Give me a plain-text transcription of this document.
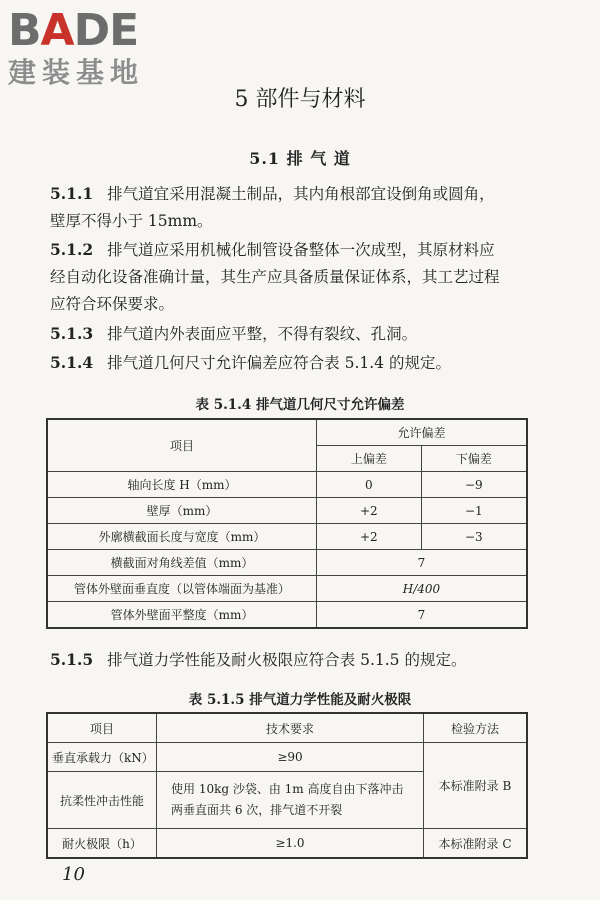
BADE
建装基地
5 部件与材料
5.1 排 气 道
5.1.1 排气道宜采用混凝土制品，其内角根部宜设倒角或圆角，壁厚不得小于 15mm。
5.1.2 排气道应采用机械化制管设备整体一次成型，其原材料应经自动化设备准确计量，其生产应具备质量保证体系，其工艺过程应符合环保要求。
5.1.3 排气道内外表面应平整，不得有裂纹、孔洞。
5.1.4 排气道几何尺寸允许偏差应符合表 5.1.4 的规定。
表 5.1.4 排气道几何尺寸允许偏差
项目	允许偏差	
	上偏差	下偏差
轴向长度 H（mm）	0	−9
壁厚（mm）	+2	−1
外廓横截面长度与宽度（mm）	+2	−3
横截面对角线差值（mm）	7	
管体外壁面垂直度（以管体端面为基准）	H/400	
管体外壁面平整度（mm）	7	
5.1.5 排气道力学性能及耐火极限应符合表 5.1.5 的规定。
表 5.1.5 排气道力学性能及耐火极限
项目	技术要求	检验方法
垂直承载力（kN）	≥90	本标准附录 B
抗柔性冲击性能	使用 10kg 沙袋、由 1m 高度自由下落冲击两垂直面共 6 次，排气道不开裂	
耐火极限（h）	≥1.0	本标准附录 C
10
